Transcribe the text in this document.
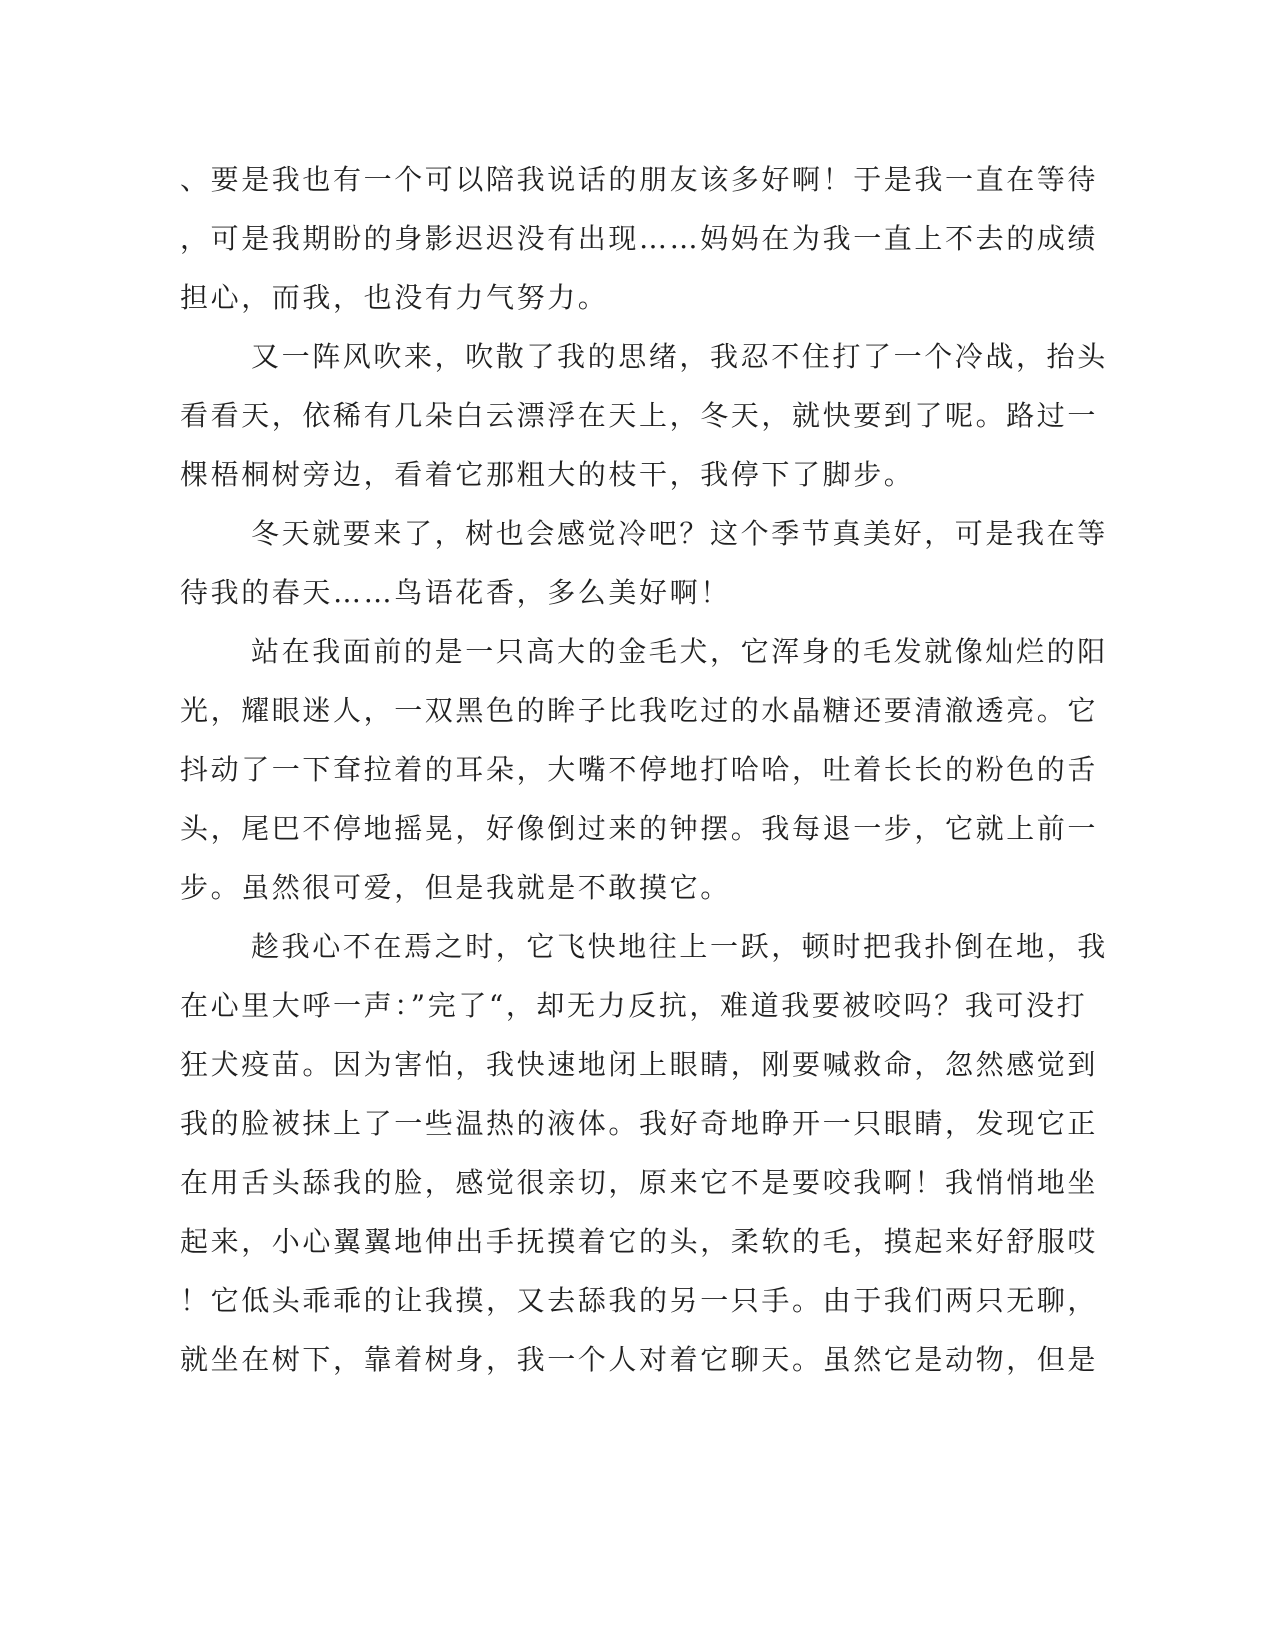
、要是我也有一个可以陪我说话的朋友该多好啊！于是我一直在等待
，可是我期盼的身影迟迟没有出现……妈妈在为我一直上不去的成绩
担心，而我，也没有力气努力。
又一阵风吹来，吹散了我的思绪，我忍不住打了一个冷战，抬头
看看天，依稀有几朵白云漂浮在天上，冬天，就快要到了呢。路过一
棵梧桐树旁边，看着它那粗大的枝干，我停下了脚步。
冬天就要来了，树也会感觉冷吧？这个季节真美好，可是我在等
待我的春天……鸟语花香，多么美好啊！
站在我面前的是一只高大的金毛犬，它浑身的毛发就像灿烂的阳
光，耀眼迷人，一双黑色的眸子比我吃过的水晶糖还要清澈透亮。它
抖动了一下耷拉着的耳朵，大嘴不停地打哈哈，吐着长长的粉色的舌
头，尾巴不停地摇晃，好像倒过来的钟摆。我每退一步，它就上前一
步。虽然很可爱，但是我就是不敢摸它。
趁我心不在焉之时，它飞快地往上一跃，顿时把我扑倒在地，我
在心里大呼一声：”完了“，却无力反抗，难道我要被咬吗？我可没打
狂犬疫苗。因为害怕，我快速地闭上眼睛，刚要喊救命，忽然感觉到
我的脸被抹上了一些温热的液体。我好奇地睁开一只眼睛，发现它正
在用舌头舔我的脸，感觉很亲切，原来它不是要咬我啊！我悄悄地坐
起来，小心翼翼地伸出手抚摸着它的头，柔软的毛，摸起来好舒服哎
！它低头乖乖的让我摸，又去舔我的另一只手。由于我们两只无聊，
就坐在树下，靠着树身，我一个人对着它聊天。虽然它是动物，但是
